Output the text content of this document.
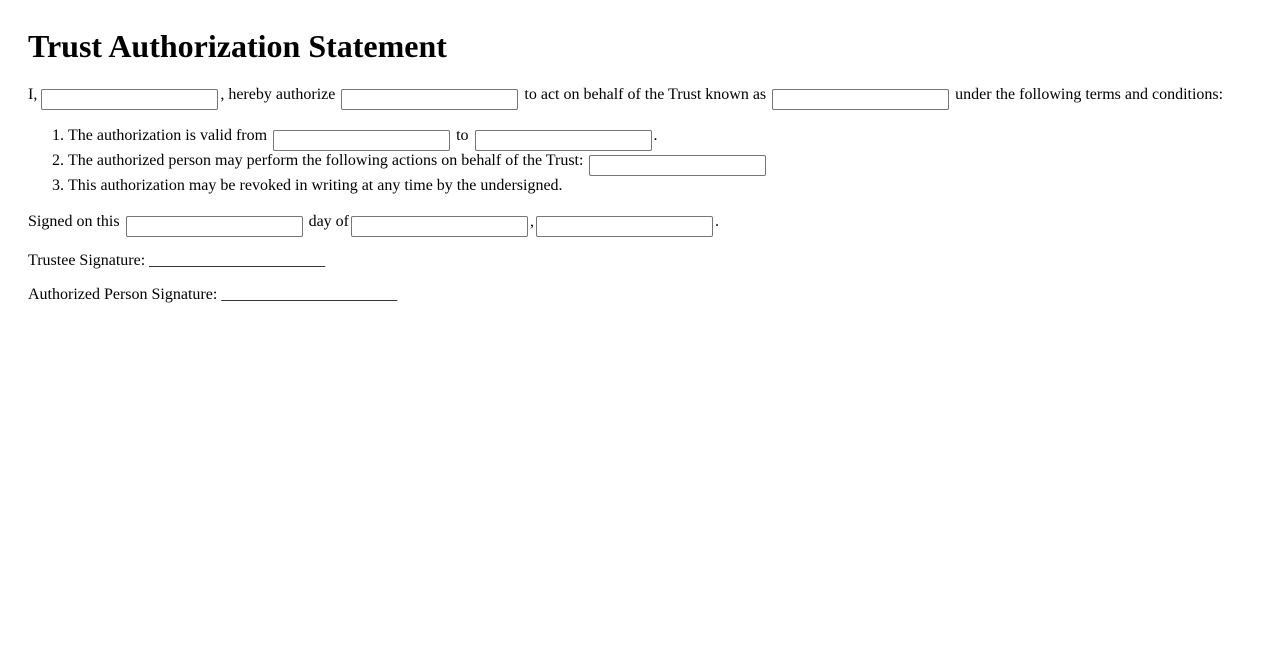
Trust Authorization Statement

I,	, hereby authorize	to act on behalf of the Trust known as	under the following terms and conditions:

1. The authorization is valid from	to	.
2. The authorized person may perform the following actions on behalf of the Trust:
3. This authorization may be revoked in writing at any time by the undersigned.

Signed on this	day of	,	.

Trustee Signature: ______________________

Authorized Person Signature: ______________________
